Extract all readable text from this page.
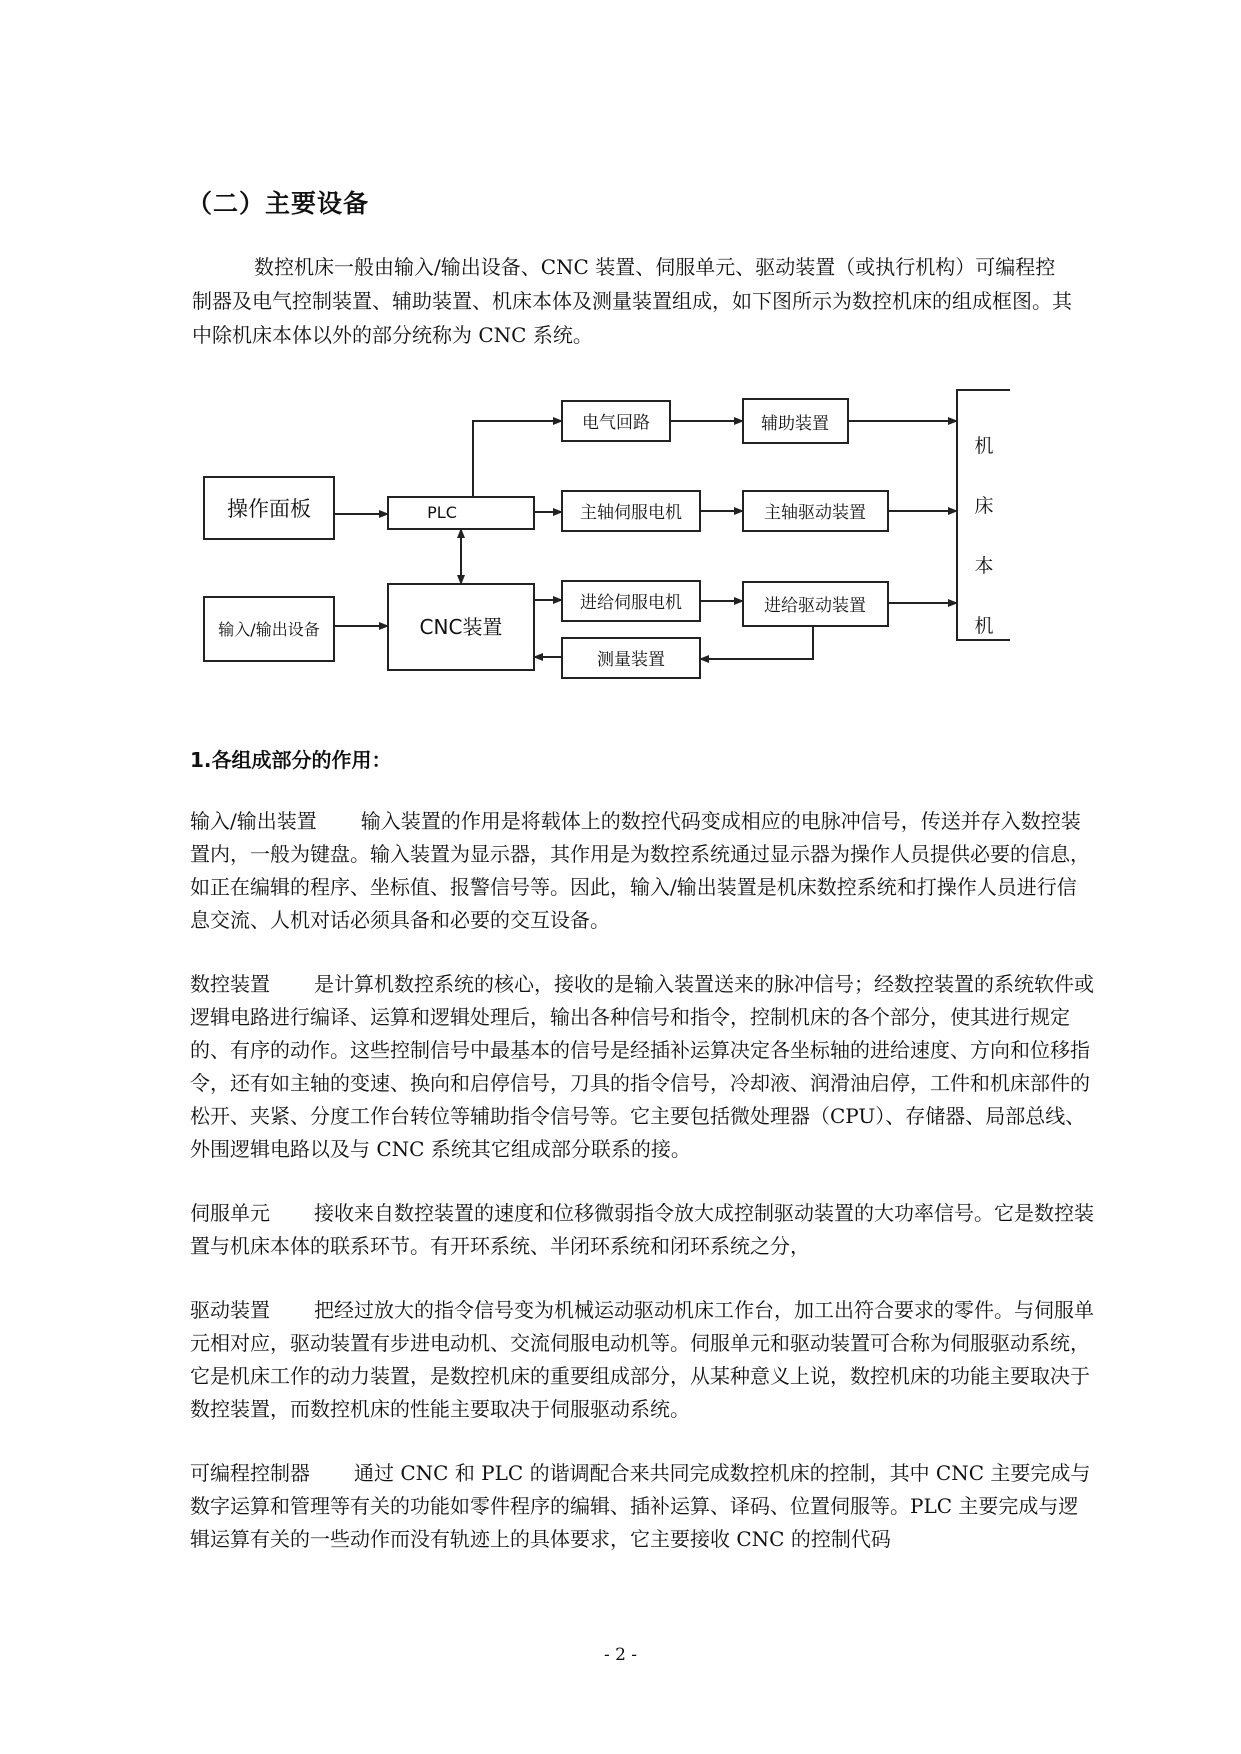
（二）主要设备

数控机床一般由输入/输出设备、CNC 装置、伺服单元、驱动装置（或执行机构）可编程控制器及电气控制装置、辅助装置、机床本体及测量装置组成，如下图所示为数控机床的组成框图。其中除机床本体以外的部分统称为 CNC 系统。

操作面板
输入/输出设备
PLC
CNC装置
电气回路	辅助装置
主轴伺服电机	主轴驱动装置
进给伺服电机	进给驱动装置
测量装置
机
床
本
机
1.各组成部分的作用：

输入/输出装置 输入装置的作用是将载体上的数控代码变成相应的电脉冲信号，传送并存入数控装置内，一般为键盘。输入装置为显示器，其作用是为数控系统通过显示器为操作人员提供必要的信息，如正在编辑的程序、坐标值、报警信号等。因此，输入/输出装置是机床数控系统和打操作人员进行信息交流、人机对话必须具备和必要的交互设备。

数控装置 是计算机数控系统的核心，接收的是输入装置送来的脉冲信号；经数控装置的系统软件或逻辑电路进行编译、运算和逻辑处理后，输出各种信号和指令，控制机床的各个部分，使其进行规定的、有序的动作。这些控制信号中最基本的信号是经插补运算决定各坐标轴的进给速度、方向和位移指令，还有如主轴的变速、换向和启停信号，刀具的指令信号，冷却液、润滑油启停，工件和机床部件的松开、夹紧、分度工作台转位等辅助指令信号等。它主要包括微处理器（CPU）、存储器、局部总线、外围逻辑电路以及与 CNC 系统其它组成部分联系的接。

伺服单元 接收来自数控装置的速度和位移微弱指令放大成控制驱动装置的大功率信号。它是数控装置与机床本体的联系环节。有开环系统、半闭环系统和闭环系统之分，

驱动装置 把经过放大的指令信号变为机械运动驱动机床工作台，加工出符合要求的零件。与伺服单元相对应，驱动装置有步进电动机、交流伺服电动机等。伺服单元和驱动装置可合称为伺服驱动系统，它是机床工作的动力装置，是数控机床的重要组成部分，从某种意义上说，数控机床的功能主要取决于数控装置，而数控机床的性能主要取决于伺服驱动系统。

可编程控制器 通过 CNC 和 PLC 的谐调配合来共同完成数控机床的控制，其中 CNC 主要完成与数字运算和管理等有关的功能如零件程序的编辑、插补运算、译码、位置伺服等。PLC 主要完成与逻辑运算有关的一些动作而没有轨迹上的具体要求，它主要接收 CNC 的控制代码

- 2 -
